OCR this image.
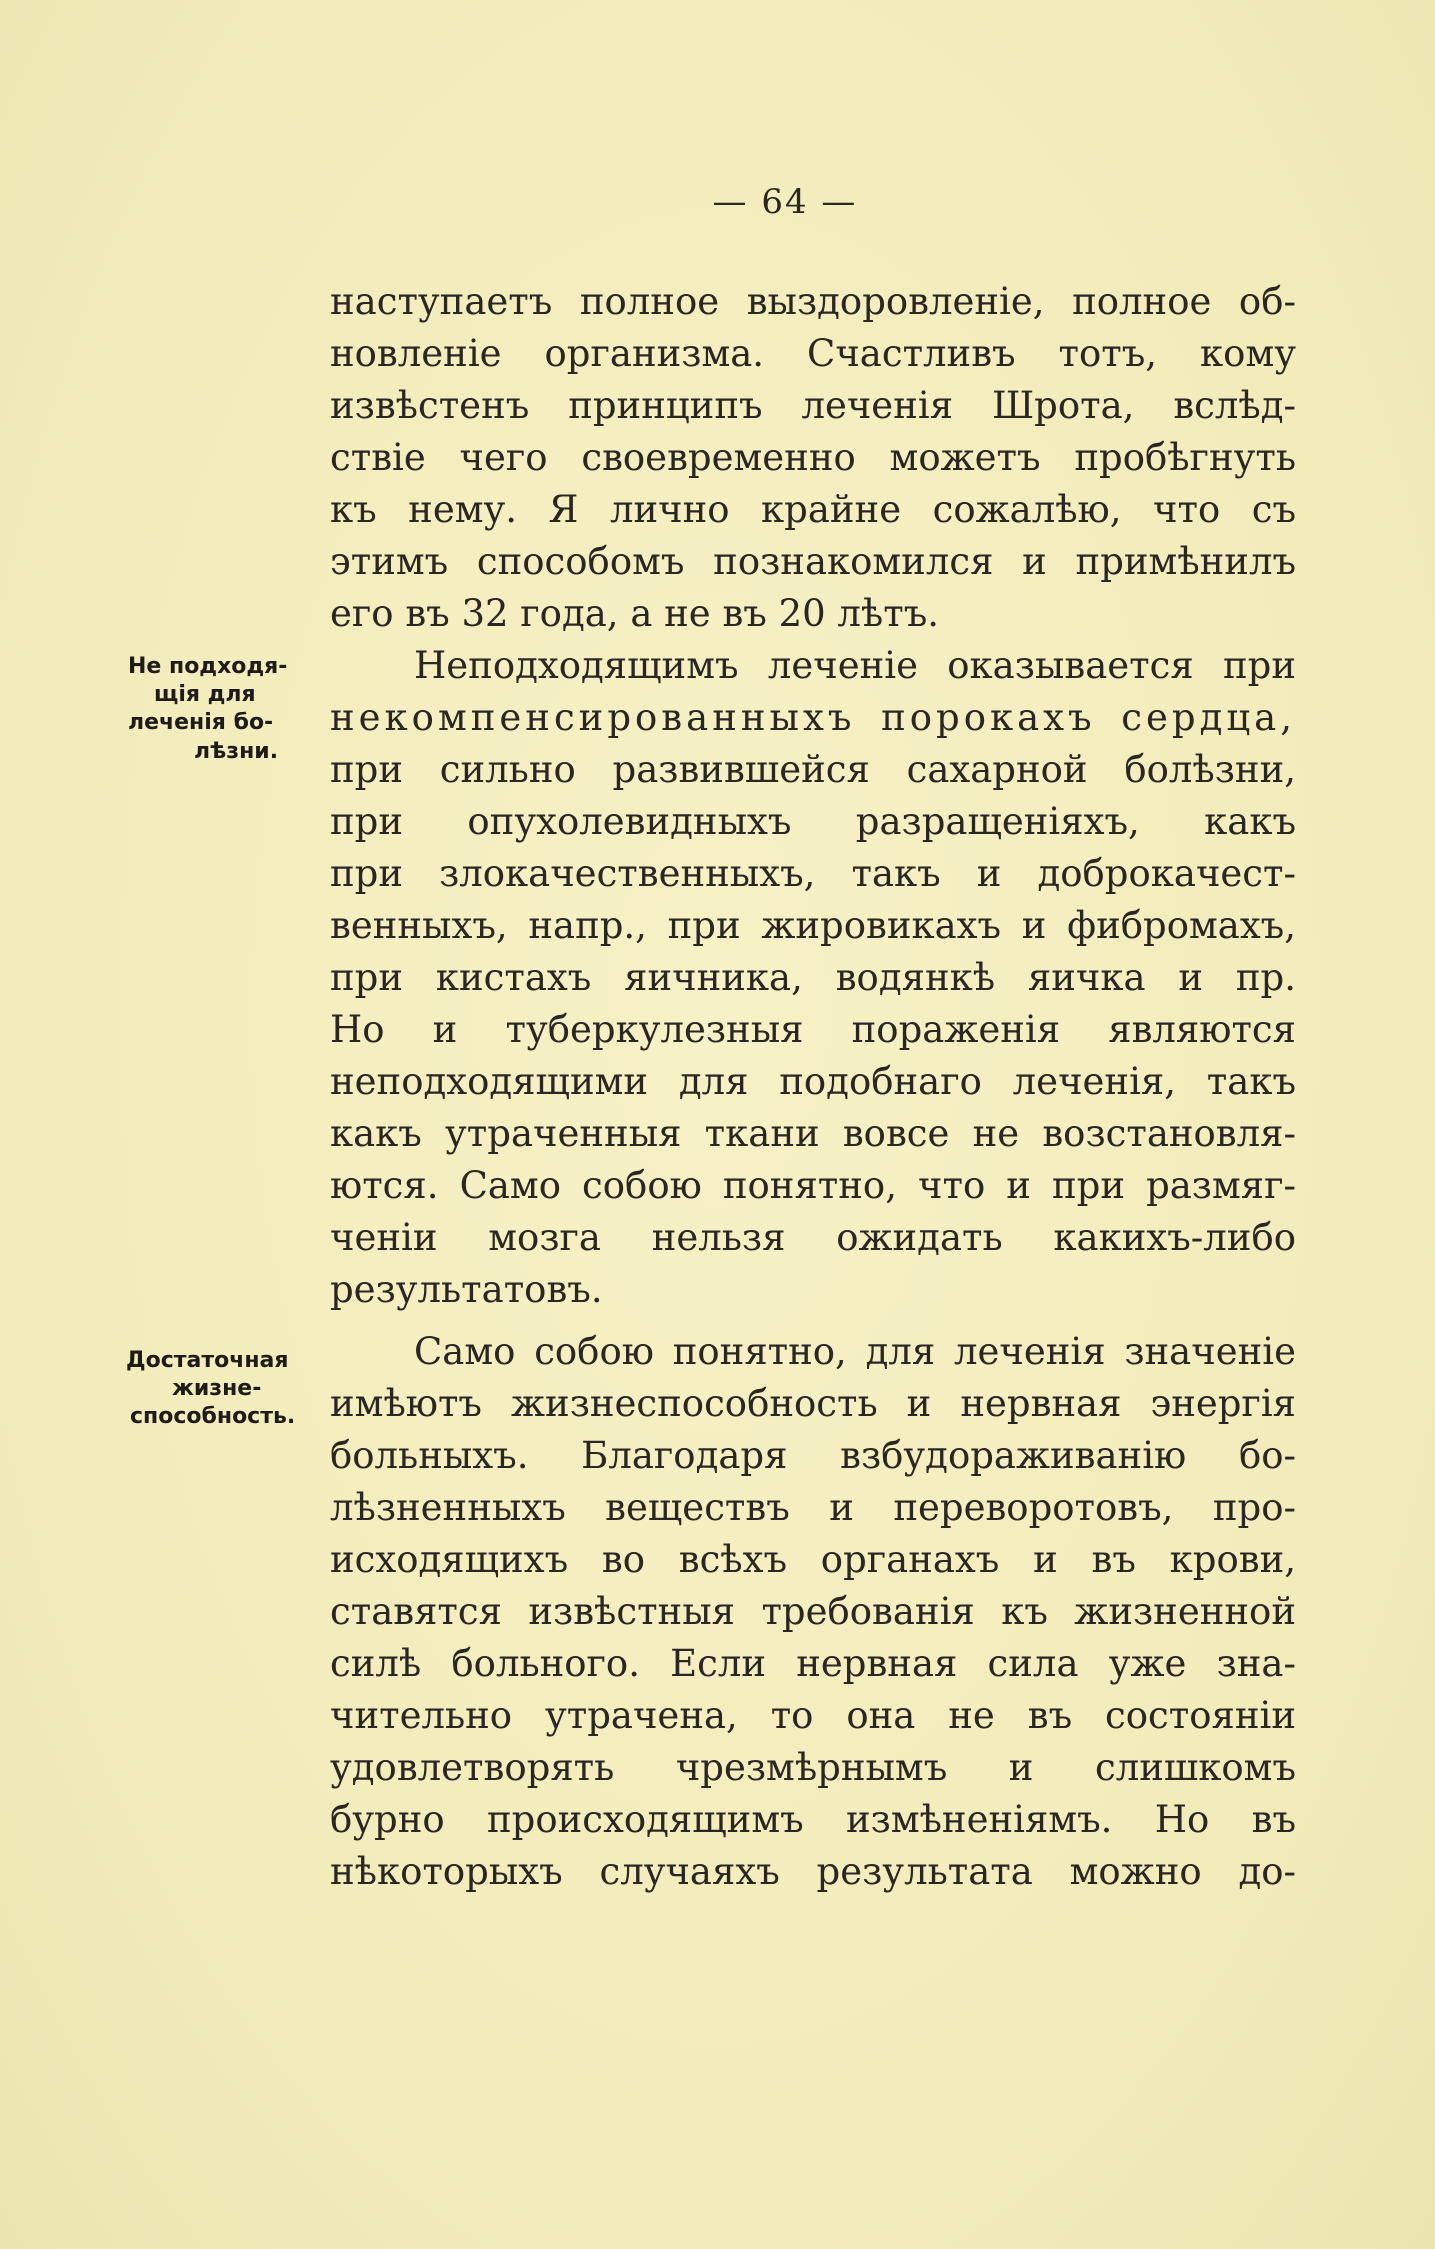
— 64 —
Не подходя-
щія для
леченія бо-
лѣзни.
Достаточная
жизне-
способность.
наступаетъ полное выздоровленіе, полное об-
новленіе организма. Счастливъ тотъ, кому
извѣстенъ принципъ леченія Шрота, вслѣд-
ствіе чего своевременно можетъ пробѣгнуть
къ нему. Я лично крайне сожалѣю, что съ
этимъ способомъ познакомился и примѣнилъ
его въ 32 года, а не въ 20 лѣтъ.
Неподходящимъ леченіе оказывается при
некомпенсированныхъ порокахъ сердца,
при сильно развившейся сахарной болѣзни,
при опухолевидныхъ разращеніяхъ, какъ
при злокачественныхъ, такъ и доброкачест-
венныхъ, напр., при жировикахъ и фибромахъ,
при кистахъ яичника, водянкѣ яичка и пр.
Но и туберкулезныя пораженія являются
неподходящими для подобнаго леченія, такъ
какъ утраченныя ткани вовсе не возстановля-
ются. Само собою понятно, что и при размяг-
ченіи мозга нельзя ожидать какихъ-либо
результатовъ.
Само собою понятно, для леченія значеніе
имѣютъ жизнеспособность и нервная энергія
больныхъ. Благодаря взбудораживанію бо-
лѣзненныхъ веществъ и переворотовъ, про-
исходящихъ во всѣхъ органахъ и въ крови,
ставятся извѣстныя требованія къ жизненной
силѣ больного. Если нервная сила уже зна-
чительно утрачена, то она не въ состояніи
удовлетворять чрезмѣрнымъ и слишкомъ
бурно происходящимъ измѣненіямъ. Но въ
нѣкоторыхъ случаяхъ результата можно до-
